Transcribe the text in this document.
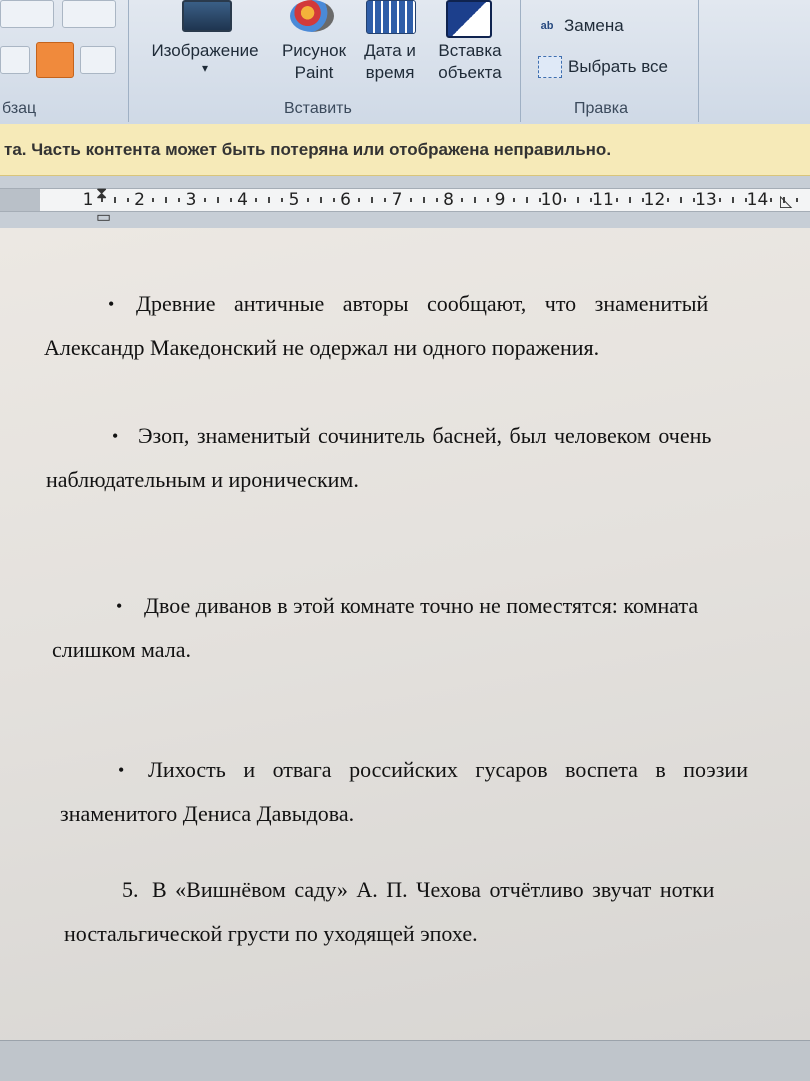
бзац
Изображение
▾
Рисунок
Paint
Дата и
время
Вставка
объекта
Вставить
ab Замена
Выбрать все
Правка
та. Часть контента может быть потеряна или отображена неправильно.
1 2 3 4 5 6 7 8 9 10 11 12 13 14
⧗
▭
◺
• Древние античные авторы сообщают, что знаменитый
Александр Македонский не одержал ни одного поражения.
• Эзоп, знаменитый сочинитель басней, был человеком очень
наблюдательным и ироническим.
• Двое диванов в этой комнате точно не поместятся: комната
слишком мала.
• Лихость и отвага российских гусаров воспета в поэзии
знаменитого Дениса Давыдова.
5. В «Вишнёвом саду» А. П. Чехова отчётливо звучат нотки
ностальгической грусти по уходящей эпохе.
